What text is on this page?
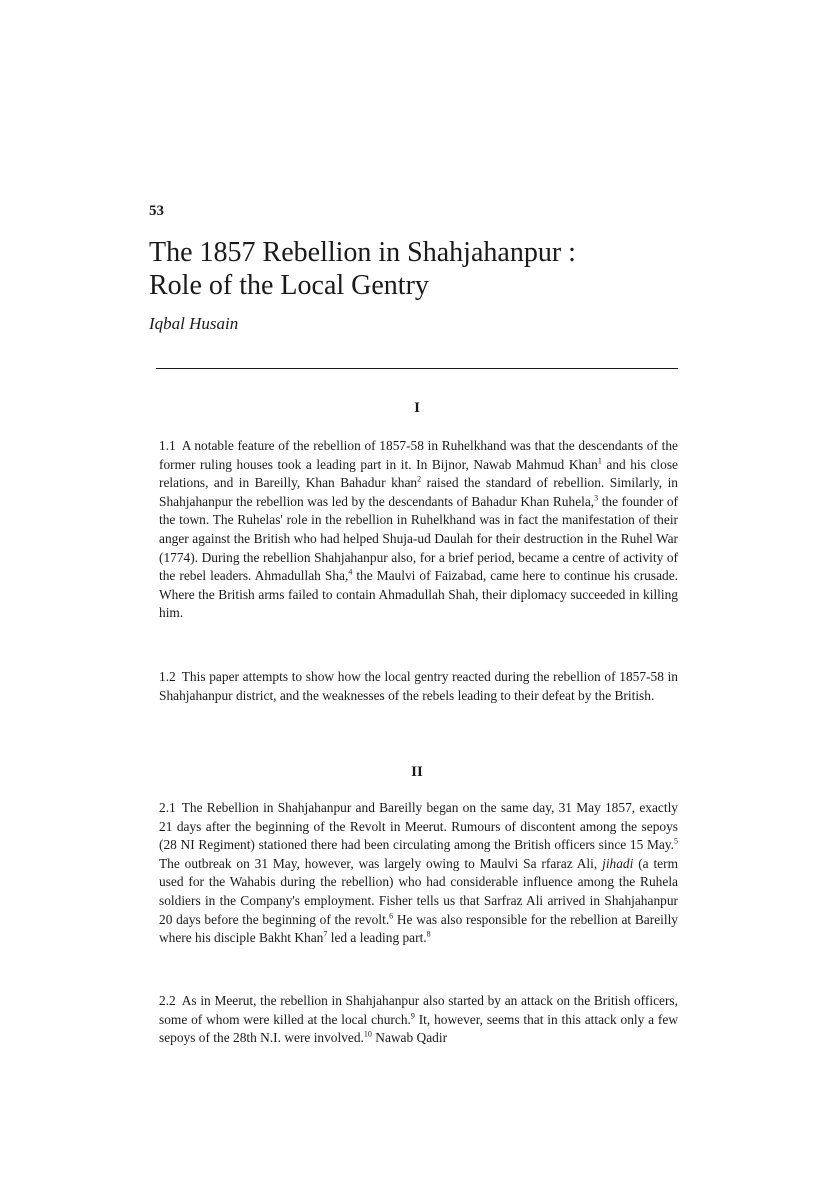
53
The 1857 Rebellion in Shahjahanpur :
Role of the Local Gentry
Iqbal Husain
I

1.1 A notable feature of the rebellion of 1857-58 in Ruhelkhand was that the descendants of the former ruling houses took a leading part in it. In Bijnor, Nawab Mahmud Khan$^1$ and his close relations, and in Bareilly, Khan Bahadur khan$^2$ raised the standard of rebellion. Similarly, in Shahjahanpur the rebellion was led by the descendants of Bahadur Khan Ruhela,$^3$ the founder of the town. The Ruhelas' role in the rebellion in Ruhelkhand was in fact the manifestation of their anger against the British who had helped Shuja-ud Daulah for their destruction in the Ruhel War (1774). During the rebellion Shahjahanpur also, for a brief period, became a centre of activity of the rebel leaders. Ahmadullah Sha,$^4$ the Maulvi of Faizabad, came here to continue his crusade. Where the British arms failed to contain Ahmadullah Shah, their diplomacy succeeded in killing him.

1.2 This paper attempts to show how the local gentry reacted during the rebellion of 1857-58 in Shahjahanpur district, and the weaknesses of the rebels leading to their defeat by the British.

II

2.1 The Rebellion in Shahjahanpur and Bareilly began on the same day, 31 May 1857, exactly 21 days after the beginning of the Revolt in Meerut. Rumours of discontent among the sepoys (28 NI Regiment) stationed there had been circulating among the British officers since 15 May.$^5$ The outbreak on 31 May, however, was largely owing to Maulvi Sa rfaraz Ali, jihadi (a term used for the Wahabis during the rebellion) who had considerable influence among the Ruhela soldiers in the Company's employment. Fisher tells us that Sarfraz Ali arrived in Shahjahanpur 20 days before the beginning of the revolt.$^6$ He was also responsible for the rebellion at Bareilly where his disciple Bakht Khan$^7$ led a leading part.$^8$

2.2 As in Meerut, the rebellion in Shahjahanpur also started by an attack on the British officers, some of whom were killed at the local church.$^9$ It, however, seems that in this attack only a few sepoys of the 28th N.I. were involved.$^{10}$ Nawab Qadir
